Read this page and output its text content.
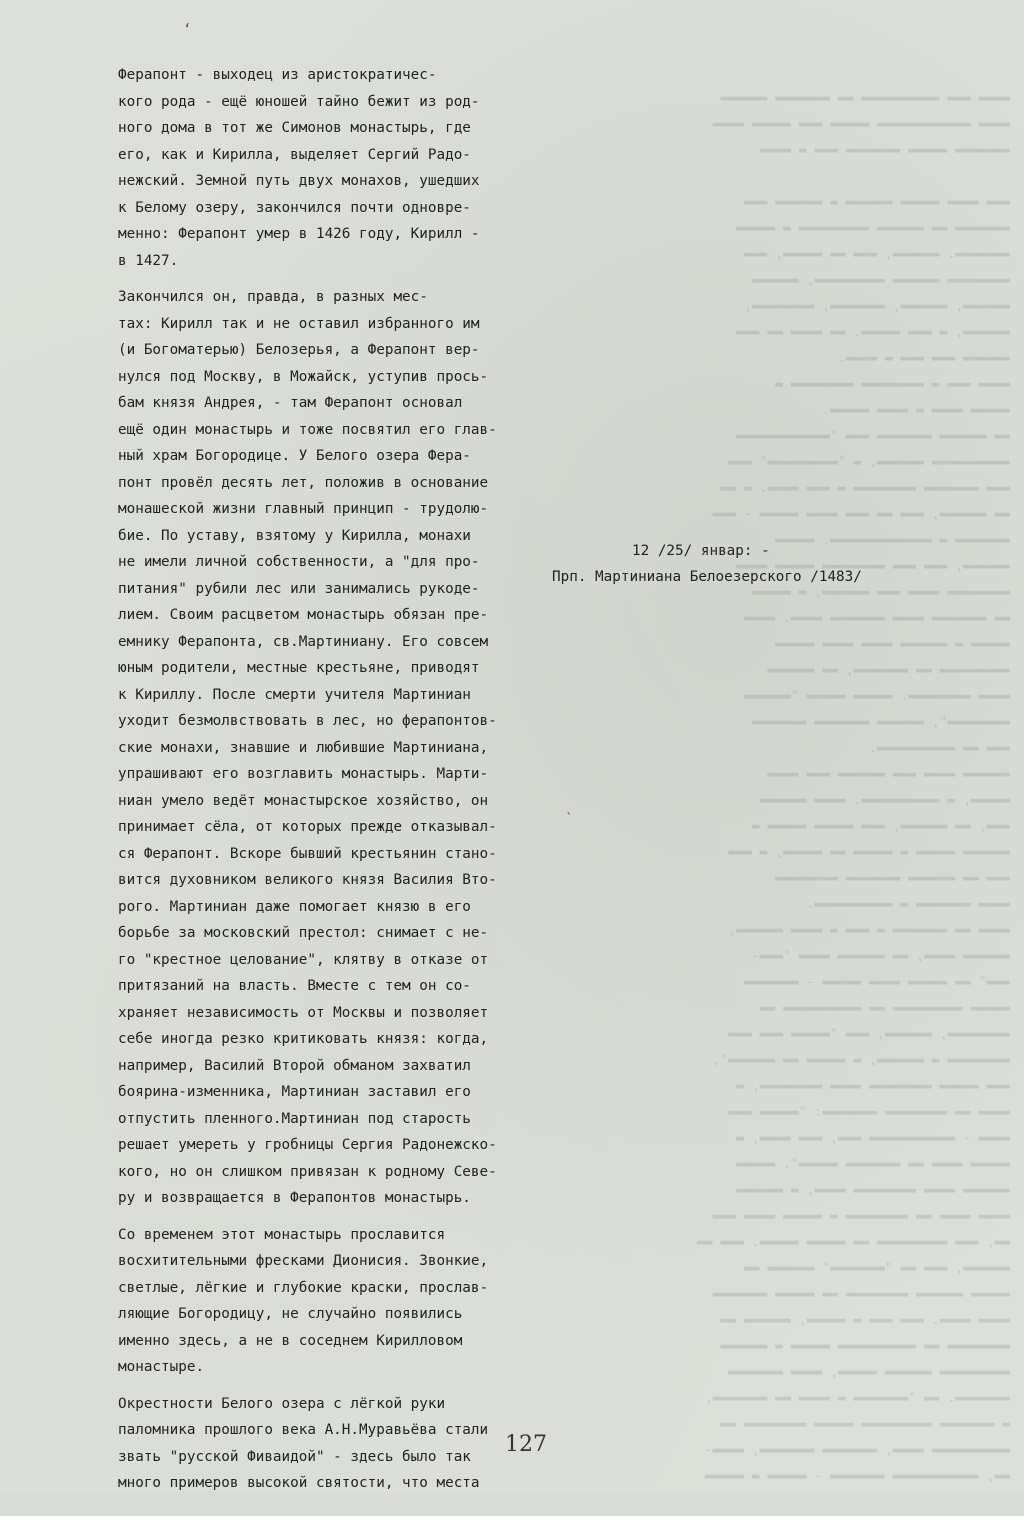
▬▬▬▬ ▬▬▬ ▬▬▬▬▬▬▬▬▬▬ ▬▬ ▬▬▬▬▬▬▬ ▬▬▬▬▬▬
▬▬▬▬ ▬▬▬▬▬▬▬▬▬▬▬▬ ▬▬▬▬▬ ▬▬▬ ▬▬▬▬▬ ▬▬▬▬
▬▬▬▬▬▬▬ ▬▬▬▬▬ ▬▬▬▬▬▬▬ ▬▬▬ ▬ ▬▬▬▬

▬▬▬ ▬▬▬▬ ▬▬▬▬▬ ▬▬▬▬▬▬ ▬ ▬▬▬▬▬▬ ▬▬▬
▬▬▬▬▬▬▬ ▬▬ ▬▬▬▬▬▬ ▬▬▬▬▬▬▬▬▬ ▬ ▬▬▬▬▬
▬▬▬▬▬▬▬. ▬▬▬▬▬▬, ▬▬▬ ▬▬ ▬▬▬▬▬, ▬▬▬
▬▬▬▬▬▬▬▬ ▬▬▬▬▬▬ ▬▬▬▬▬▬▬▬▬, ▬▬▬▬▬▬
▬▬▬▬▬▬, ▬▬▬▬▬▬, ▬▬▬▬▬▬▬, ▬▬▬▬▬▬▬▬,
▬▬▬▬▬▬, ▬ ▬▬▬ ▬▬▬▬▬. ▬▬ ▬▬▬▬ ▬▬ ▬▬▬
▬▬▬▬▬▬ ▬▬▬ ▬▬▬ ▬ ▬▬▬▬.
▬▬▬▬ ▬▬▬ ▬ ▬▬▬▬▬▬▬▬ ▬▬▬▬▬▬▬▬ ▬
▬▬▬▬▬ ▬▬▬▬ ▬ ▬▬▬▬ ▬▬▬▬▬.
▬▬ ▬▬▬▬▬▬ ▬▬▬▬▬▬▬ ▬▬▬ "▬▬▬▬▬▬▬▬▬▬▬▬
▬▬▬▬▬▬▬▬▬▬ ▬▬▬▬▬▬, ▬ "▬▬▬▬▬▬▬▬▬" ▬▬▬
▬▬▬ ▬▬▬▬▬▬▬ ▬▬▬▬▬▬▬▬ ▬ ▬▬▬ ▬▬▬▬. ▬ ▬▬
▬▬ ▬▬▬▬▬▬, ▬▬▬ ▬▬ ▬▬▬ ▬▬▬▬ ▬▬▬▬▬ - ▬▬▬
▬▬▬▬▬▬▬ ▬ ▬▬▬▬▬▬▬▬▬▬▬▬▬. ▬▬▬▬▬
▬▬▬▬▬▬, ▬▬▬ ▬▬▬ ▬▬▬▬▬▬▬▬ ▬▬▬▬▬ ▬▬▬▬
▬▬▬▬▬▬▬▬ ▬▬▬▬ ▬▬▬ ▬▬▬▬▬▬, ▬ ▬▬▬▬▬
▬▬ ▬▬▬▬▬▬▬ ▬▬▬▬ ▬▬▬▬▬▬▬ ▬▬▬▬. ▬▬▬▬
▬▬▬▬▬ ▬ ▬▬▬▬▬▬ ▬▬▬▬ ▬▬▬▬ ▬▬▬▬▬
▬▬▬▬▬▬▬▬▬ ▬▬ ▬▬▬▬▬▬▬, ▬▬ ▬▬▬▬▬▬
▬▬▬▬ ▬▬▬▬▬▬▬▬. ▬▬▬▬▬ ▬▬▬▬▬ "▬▬▬▬▬▬
▬▬▬▬▬▬▬▬", ▬▬▬▬▬▬ ▬▬▬▬▬▬▬ ▬▬▬▬▬▬▬
▬▬▬ ▬▬ ▬▬▬▬▬▬▬▬▬▬.
▬▬▬▬▬▬ ▬▬▬▬ ▬▬▬ ▬▬▬▬▬▬ ▬▬▬ ▬▬▬▬
▬▬▬▬▬, ▬ ▬▬▬▬▬▬▬▬▬▬. ▬▬▬▬ ▬▬▬▬▬▬
▬▬▬, ▬▬ ▬▬▬▬▬▬, ▬▬▬ ▬▬▬▬▬ ▬▬▬▬▬ ▬
▬▬▬▬▬▬ ▬▬▬▬▬ ▬ ▬▬▬▬▬ ▬▬ ▬▬▬▬▬, ▬ ▬▬▬
▬▬▬ ▬▬ ▬▬▬▬▬▬ ▬▬▬▬▬▬▬ ▬▬▬▬▬▬▬▬
▬▬▬▬ ▬▬▬▬▬▬▬ ▬ ▬▬▬▬▬▬▬▬▬▬.
▬▬▬▬ ▬▬ ▬▬▬▬▬▬▬ ▬ ▬▬▬ ▬ ▬▬▬▬ ▬▬▬▬▬▬,
▬▬▬▬▬▬ ▬▬▬▬, ▬▬ ▬▬▬▬▬▬ ▬▬▬▬ "▬▬▬-
▬▬▬" ▬▬ ▬▬▬▬▬ ▬▬▬▬ ▬▬▬▬▬ - ▬▬▬▬▬▬▬
▬▬▬▬▬ ▬▬▬▬▬▬▬▬▬ ▬▬ ▬▬▬▬▬▬▬▬▬▬ ▬▬
▬▬▬▬▬▬▬▬, ▬▬▬▬▬▬, ▬▬▬ "▬▬▬▬▬ ▬▬▬ ▬▬▬
▬▬▬▬▬▬▬▬ ▬ ▬▬▬▬▬▬, ▬ ▬▬▬▬▬ ▬▬ ▬▬▬▬▬▬",
▬▬▬ ▬▬▬▬▬ ▬▬▬▬▬▬▬▬ ▬▬▬▬ ▬▬▬▬▬▬▬▬, ▬
▬▬▬▬ ▬▬ ▬▬▬▬▬▬▬▬ ▬▬▬▬▬▬▬: "▬▬▬▬▬ ▬▬▬
▬▬▬▬ - ▬▬▬▬▬▬▬▬▬▬▬ ▬▬▬, ▬▬▬ ▬▬▬▬, ▬
▬▬▬▬▬ ▬▬▬▬ ▬▬ ▬▬▬▬▬▬▬ ▬▬▬▬▬". ▬▬▬▬▬
▬▬▬▬▬▬ ▬▬▬▬ ▬▬▬▬▬▬▬▬ ▬▬▬▬, ▬ ▬▬▬▬▬▬
▬▬▬▬ ▬▬▬▬ ▬▬ ▬▬▬▬▬▬▬▬ ▬ ▬▬▬▬▬ ▬▬▬▬ ▬▬▬
▬▬, ▬▬▬ ▬▬▬▬▬▬▬▬▬ ▬▬ ▬▬▬▬▬ ▬▬▬▬▬. ▬▬▬ ▬▬
▬▬▬▬▬▬, ▬▬▬ ▬▬ "▬▬▬▬▬▬▬" ▬▬▬▬▬▬ ▬▬
▬▬▬▬▬ ▬▬▬▬▬▬ ▬▬▬▬▬▬▬▬ ▬▬ ▬▬▬▬▬ ▬▬▬▬▬▬▬
▬▬▬▬ ▬▬▬▬. ▬▬▬ ▬▬▬ ▬ ▬▬▬▬▬, ▬▬▬▬▬▬ ▬▬
▬▬▬▬▬▬▬▬ ▬▬ ▬▬▬▬▬▬▬▬▬▬ ▬▬▬▬▬ ▬ ▬▬▬▬▬▬
▬▬▬▬▬▬▬▬▬ ▬▬▬▬▬▬ ▬▬▬▬▬, ▬▬▬▬ ▬▬▬▬▬▬▬
▬▬▬▬▬▬▬. ▬▬ "▬▬▬▬▬▬▬ ▬ ▬▬▬▬ ▬▬ ▬▬▬▬▬▬▬,
▬ ▬▬▬▬▬▬▬ ▬▬▬▬▬▬▬▬▬ ▬▬▬▬▬ ▬▬▬▬▬▬▬▬ ▬▬
▬▬▬▬▬▬▬▬▬▬ ▬▬▬▬, ▬▬▬▬▬▬▬ ▬▬▬▬▬▬▬, ▬▬▬▬-
▬▬, ▬▬▬▬▬▬▬▬▬▬▬ ▬▬▬▬▬▬▬ - ▬▬▬▬▬ ▬ ▬▬▬▬▬

‘

Ферапонт - выходец из аристократичес-
кого рода - ещё юношей тайно бежит из род-
ного дома в тот же Симонов монастырь, где
его, как и Кирилла, выделяет Сергий Радо-
нежский. Земной путь двух монахов, ушедших
к Белому озеру, закончился почти одновре-
менно: Ферапонт умер в 1426 году, Кирилл -
в 1427.

Закончился он, правда, в разных мес-
тах: Кирилл так и не оставил избранного им
(и Богоматерью) Белозерья, а Ферапонт вер-
нулся под Москву, в Можайск, уступив прось-
бам князя Андрея, - там Ферапонт основал
ещё один монастырь и тоже посвятил его глав-
ный храм Богородице. У Белого озера Фера-
понт провёл десять лет, положив в основание
монашеской жизни главный принцип - трудолю-
бие. По уставу, взятому у Кирилла, монахи
не имели личной собственности, а "для про-
питания" рубили лес или занимались рукоде-
лием. Своим расцветом монастырь обязан пре-
емнику Ферапонта, св.Мартиниану. Его совсем
юным родители, местные крестьяне, приводят
к Кириллу. После смерти учителя Мартиниан
уходит безмолвствовать в лес, но ферапонтов-
ские монахи, знавшие и любившие Мартиниана,
упрашивают его возглавить монастырь. Марти-
ниан умело ведёт монастырское хозяйство, он
принимает сёла, от которых прежде отказывал-
ся Ферапонт. Вскоре бывший крестьянин стано-
вится духовником великого князя Василия Вто-
рого. Мартиниан даже помогает князю в его
борьбе за московский престол: снимает с не-
го "крестное целование", клятву в отказе от
притязаний на власть. Вместе с тем он со-
храняет независимость от Москвы и позволяет
себе иногда резко критиковать князя: когда,
например, Василий Второй обманом захватил
боярина-изменника, Мартиниан заставил его
отпустить пленного.Мартиниан под старость
решает умереть у гробницы Сергия Радонежско-
кого, но он слишком привязан к родному Севе-
ру и возвращается в Ферапонтов монастырь.

Со временем этот монастырь прославится
восхитительными фресками Дионисия. Звонкие,
светлые, лёгкие и глубокие краски, прослав-
ляющие Богородицу, не случайно появились
именно здесь, а не в соседнем Кирилловом
монастыре.

Окрестности Белого озера с лёгкой руки
паломника прошлого века А.Н.Муравьёва стали
звать "русской Фиваидой" - здесь было так
много примеров высокой святости, что места

12 /25/ январ: -
Прп. Мартиниана Белоезерского /1483/
ˎ
127
